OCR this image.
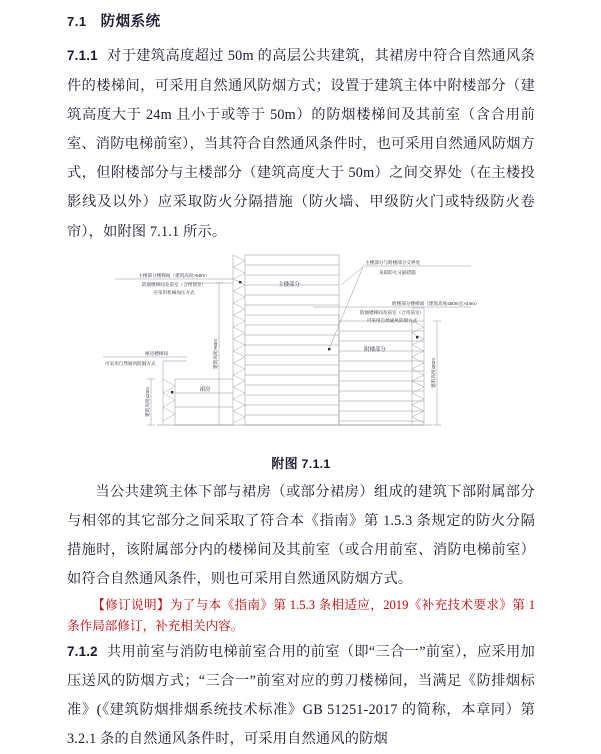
7.1 防烟系统

7.1.1 对于建筑高度超过 50m 的高层公共建筑，其裙房中符合自然通风条件的楼梯间，可采用自然通风防烟方式；设置于建筑主体中附楼部分（建筑高度大于 24m 且小于或等于 50m）的防烟楼梯间及其前室（含合用前室、消防电梯前室），当其符合自然通风条件时，也可采用自然通风防烟方式，但附楼部分与主楼部分（建筑高度大于 50m）之间交界处（在主楼投影线及以外）应采取防火分隔措施（防火墙、甲级防火门或特级防火卷帘），如附图 7.1.1 所示。

主楼部分楼梯间（建筑高度>50m）
防烟楼梯间及前室（合用前室）
应采用机械加压方式
主楼部分与附楼部分交界处
采取防火分隔措施
附楼部分楼梯间（建筑高度≤50m且>24m）
防烟楼梯间及前室（合用前室）
可采用自然通风防烟方式
裙房楼梯间
可采用自然通风防烟方式
主楼部分
附楼部分
裙房
建筑高度>50m
建筑高度≤50m
建筑高度≤24m
附图 7.1.1

当公共建筑主体下部与裙房（或部分裙房）组成的建筑下部附属部分与相邻的其它部分之间采取了符合本《指南》第 1.5.3 条规定的防火分隔措施时，该附属部分内的楼梯间及其前室（或合用前室、消防电梯前室）如符合自然通风条件，则也可采用自然通风防烟方式。

【修订说明】为了与本《指南》第 1.5.3 条相适应，2019《补充技术要求》第 1 条作局部修订，补充相关内容。

7.1.2 共用前室与消防电梯前室合用的前室（即“三合一”前室），应采用加压送风的防烟方式；“三合一”前室对应的剪刀楼梯间，当满足《防排烟标准》(《建筑防烟排烟系统技术标准》GB 51251-2017 的简称，本章同）第 3.2.1 条的自然通风条件时，可采用自然通风的防烟
